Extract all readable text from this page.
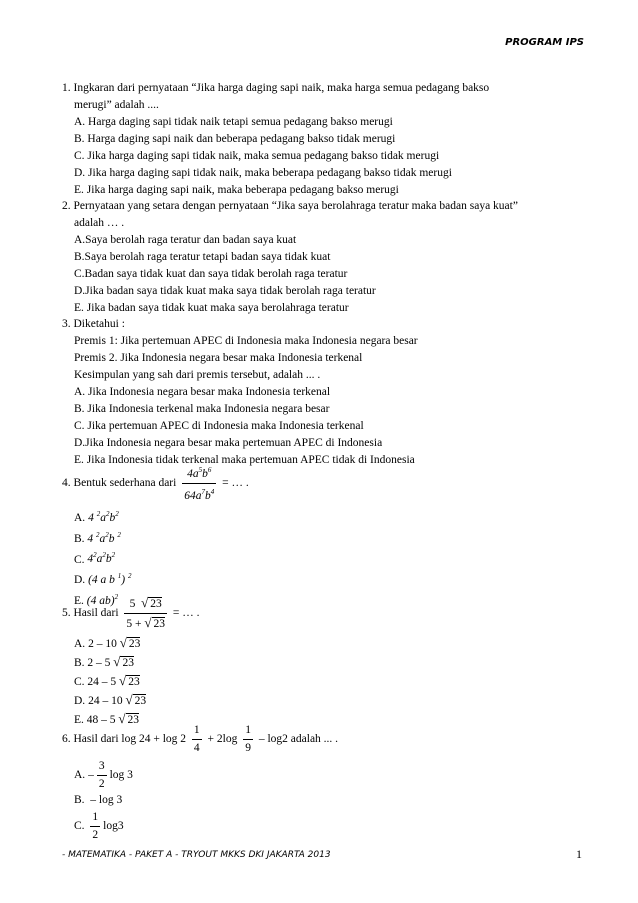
PROGRAM IPS
1. Ingkaran dari pernyataan “Jika harga daging sapi naik, maka harga semua pedagang bakso
merugi” adalah ....
A. Harga daging sapi tidak naik tetapi semua pedagang bakso merugi
B. Harga daging sapi naik dan beberapa pedagang bakso tidak merugi
C. Jika harga daging sapi tidak naik, maka semua pedagang bakso tidak merugi
D. Jika harga daging sapi tidak naik, maka beberapa pedagang bakso tidak merugi
E. Jika harga daging sapi naik, maka beberapa pedagang bakso merugi
2. Pernyataan yang setara dengan pernyataan “Jika saya berolahraga teratur maka badan saya kuat”
adalah … .
A.Saya berolah raga teratur dan badan saya kuat
B.Saya berolah raga teratur tetapi badan saya tidak kuat
C.Badan saya tidak kuat dan saya tidak berolah raga teratur
D.Jika badan saya tidak kuat maka saya tidak berolah raga teratur
E. Jika badan saya tidak kuat maka saya berolahraga teratur
3. Diketahui :
Premis 1: Jika pertemuan APEC di Indonesia maka Indonesia negara besar
Premis 2. Jika Indonesia negara besar maka Indonesia terkenal
Kesimpulan yang sah dari premis tersebut, adalah ... .
A. Jika Indonesia negara besar maka Indonesia terkenal
B. Jika Indonesia terkenal maka Indonesia negara besar
C. Jika pertemuan APEC di Indonesia maka Indonesia terkenal
D.Jika Indonesia negara besar maka pertemuan APEC di Indonesia
E. Jika Indonesia tidak terkenal maka pertemuan APEC tidak di Indonesia
4. Bentuk sederhana dari $\frac{4a^5b^6}{64a^7b^4}$ = … .
A. 4 $^2a^2b^2$
B. 4 $^2a^2b$ $^2$
C. $4^2a^2b^2$
D. (4 a b $^1$) $^2$
E. (4 ab)$^2$
5. Hasil dari $\frac{5 √ 23}{5 + √ 23}$ = … .
A. 2 – 10 √ 23
B. 2 – 5 √ 23
C. 24 – 5 √ 23
D. 24 – 10 √ 23
E. 48 – 5 √ 23
6. Hasil dari $\log 24 + \log 2 \frac{1}{4} + 2\log \frac{1}{9} - \log 2$ adalah ... .
A. – $\frac{3}{2}$ log 3
B.  – log 3
C. $\frac{1}{2} \log 3$
- MATEMATIKA - PAKET A - TRYOUT MKKS DKI JAKARTA 2013	1
